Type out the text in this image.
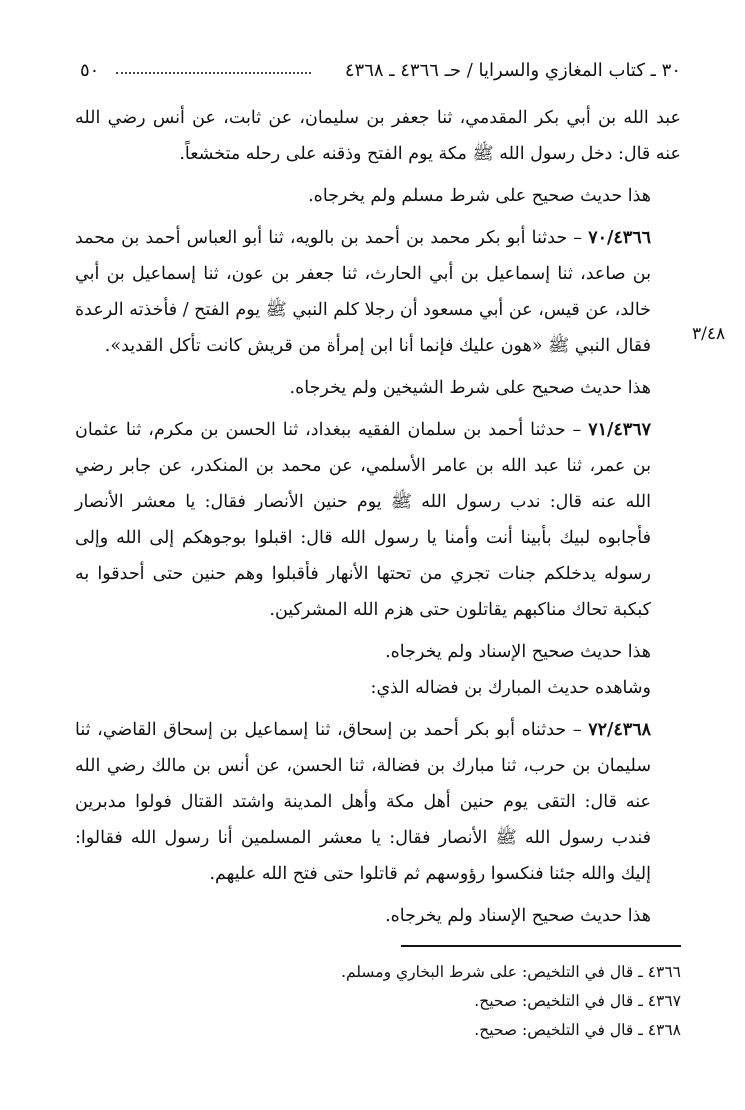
٣٠ ـ كتاب المغازي والسرايا / حـ ٤٣٦٦ ـ ٤٣٦٨
٥٠
٣/٤٨

عبد الله بن أبي بكر المقدمي، ثنا جعفر بن سليمان، عن ثابت، عن أنس رضي الله عنه قال: دخل رسول الله ﷺ مكة يوم الفتح وذقنه على رحله متخشعاً.

هذا حديث صحيح على شرط مسلم ولم يخرجاه.

٧٠/٤٣٦٦ – حدثنا أبو بكر محمد بن أحمد بن بالويه، ثنا أبو العباس أحمد بن محمد بن صاعد، ثنا إسماعيل بن أبي الحارث، ثنا جعفر بن عون، ثنا إسماعيل بن أبي خالد، عن قيس، عن أبي مسعود أن رجلا كلم النبي ﷺ يوم الفتح / فأخذته الرعدة فقال النبي ﷺ «هون عليك فإنما أنا ابن إمرأة من قريش كانت تأكل القديد».

هذا حديث صحيح على شرط الشيخين ولم يخرجاه.

٧١/٤٣٦٧ – حدثنا أحمد بن سلمان الفقيه ببغداد، ثنا الحسن بن مكرم، ثنا عثمان بن عمر، ثنا عبد الله بن عامر الأسلمي، عن محمد بن المنكدر، عن جابر رضي الله عنه قال: ندب رسول الله ﷺ يوم حنين الأنصار فقال: يا معشر الأنصار فأجابوه لبيك بأبينا أنت وأمنا يا رسول الله قال: اقبلوا بوجوهكم إلى الله وإلى رسوله يدخلكم جنات تجري من تحتها الأنهار فأقبلوا وهم حنين حتى أحدقوا به كبكبة تحاك مناكبهم يقاتلون حتى هزم الله المشركين.

هذا حديث صحيح الإسناد ولم يخرجاه.

وشاهده حديث المبارك بن فضاله الذي:

٧٢/٤٣٦٨ – حدثناه أبو بكر أحمد بن إسحاق، ثنا إسماعيل بن إسحاق القاضي، ثنا سليمان بن حرب، ثنا مبارك بن فضالة، ثنا الحسن، عن أنس بن مالك رضي الله عنه قال: التقى يوم حنين أهل مكة وأهل المدينة واشتد القتال فولوا مدبرين فندب رسول الله ﷺ الأنصار فقال: يا معشر المسلمين أنا رسول الله فقالوا: إليك والله جئنا فنكسوا رؤوسهم ثم قاتلوا حتى فتح الله عليهم.

هذا حديث صحيح الإسناد ولم يخرجاه.

٤٣٦٦ ـ قال في التلخيص: على شرط البخاري ومسلم.
٤٣٦٧ ـ قال في التلخيص: صحيح.
٤٣٦٨ ـ قال في التلخيص: صحيح.
